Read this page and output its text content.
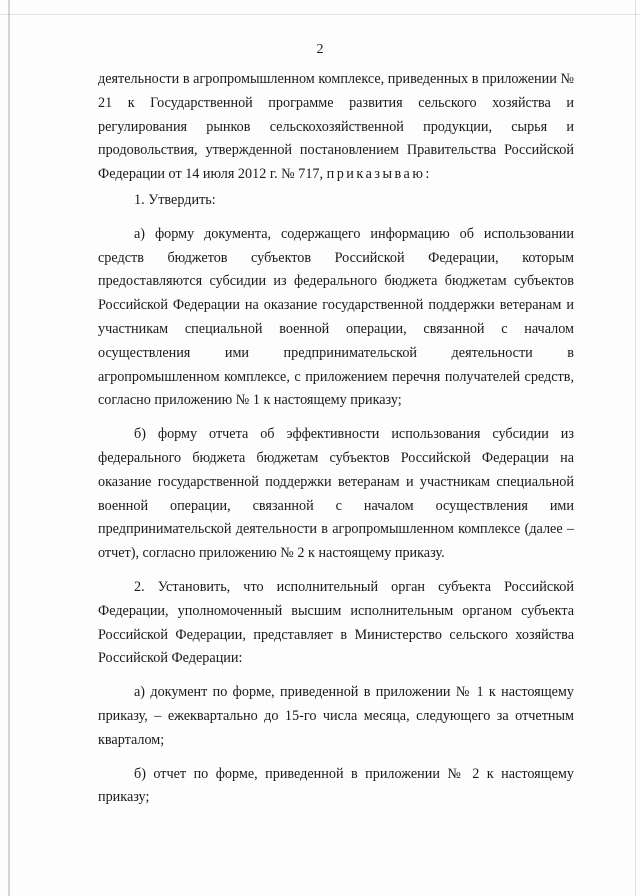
2

деятельности в агропромышленном комплексе, приведенных в приложении № 21 к Государственной программе развития сельского хозяйства и регулирования рынков сельскохозяйственной продукции, сырья и продовольствия, утвержденной постановлением Правительства Российской Федерации от 14 июля 2012 г. № 717, приказываю:

1. Утвердить:

а) форму документа, содержащего информацию об использовании средств бюджетов субъектов Российской Федерации, которым предоставляются субсидии из федерального бюджета бюджетам субъектов Российской Федерации на оказание государственной поддержки ветеранам и участникам специальной военной операции, связанной с началом осуществления ими предпринимательской деятельности в агропромышленном комплексе, с приложением перечня получателей средств, согласно приложению № 1 к настоящему приказу;

б) форму отчета об эффективности использования субсидии из федерального бюджета бюджетам субъектов Российской Федерации на оказание государственной поддержки ветеранам и участникам специальной военной операции, связанной с началом осуществления ими предпринимательской деятельности в агропромышленном комплексе (далее – отчет), согласно приложению № 2 к настоящему приказу.

2. Установить, что исполнительный орган субъекта Российской Федерации, уполномоченный высшим исполнительным органом субъекта Российской Федерации, представляет в Министерство сельского хозяйства Российской Федерации:

а) документ по форме, приведенной в приложении № 1 к настоящему приказу, – ежеквартально до 15-го числа месяца, следующего за отчетным кварталом;

б) отчет по форме, приведенной в приложении № 2 к настоящему приказу;
